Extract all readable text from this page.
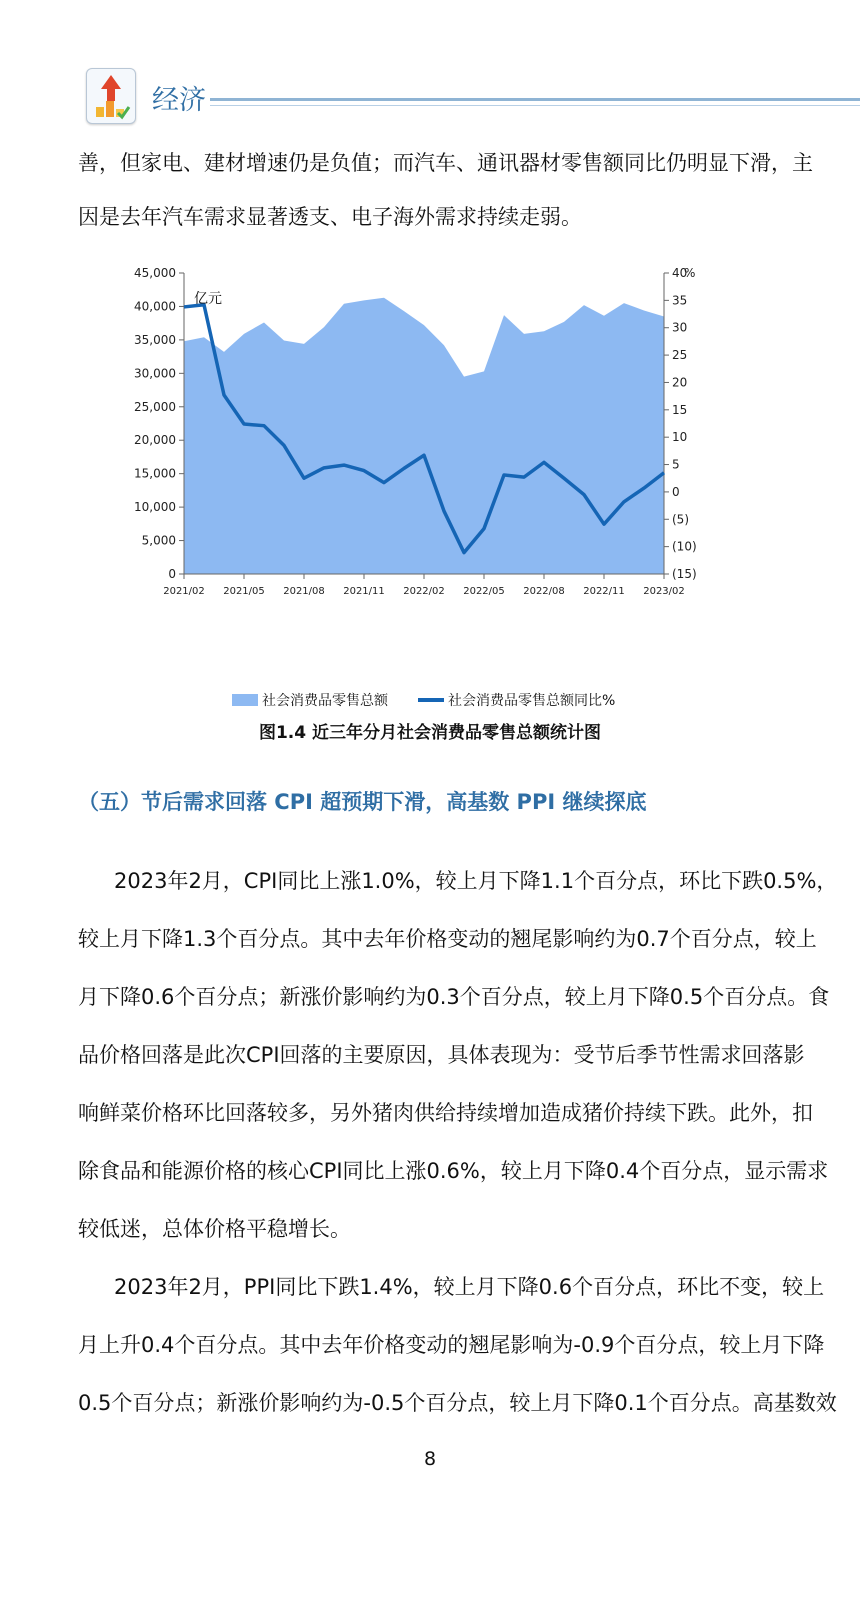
经济
善，但家电、建材增速仍是负值；而汽车、通讯器材零售额同比仍明显下滑，主
因是去年汽车需求显著透支、电子海外需求持续走弱。
0
5,000
10,000
15,000
20,000
25,000
30,000
35,000
40,000
45,000
(15)
(10)
(5)
0
5
10
15
20
25
30
35
40
%
2021/02 2021/05 2021/08 2021/11 2022/02 2022/05 2022/08 2022/11 2023/02
亿元
社会消费品零售总额	社会消费品零售总额同比%
图1.4 近三年分月社会消费品零售总额统计图
（五）节后需求回落 CPI 超预期下滑，高基数 PPI 继续探底
2023年2月，CPI同比上涨1.0%，较上月下降1.1个百分点，环比下跌0.5%，
较上月下降1.3个百分点。其中去年价格变动的翘尾影响约为0.7个百分点，较上
月下降0.6个百分点；新涨价影响约为0.3个百分点，较上月下降0.5个百分点。食
品价格回落是此次CPI回落的主要原因，具体表现为：受节后季节性需求回落影
响鲜菜价格环比回落较多，另外猪肉供给持续增加造成猪价持续下跌。此外，扣
除食品和能源价格的核心CPI同比上涨0.6%，较上月下降0.4个百分点，显示需求
较低迷，总体价格平稳增长。
2023年2月，PPI同比下跌1.4%，较上月下降0.6个百分点，环比不变，较上
月上升0.4个百分点。其中去年价格变动的翘尾影响为-0.9个百分点，较上月下降
0.5个百分点；新涨价影响约为-0.5个百分点，较上月下降0.1个百分点。高基数效
8
